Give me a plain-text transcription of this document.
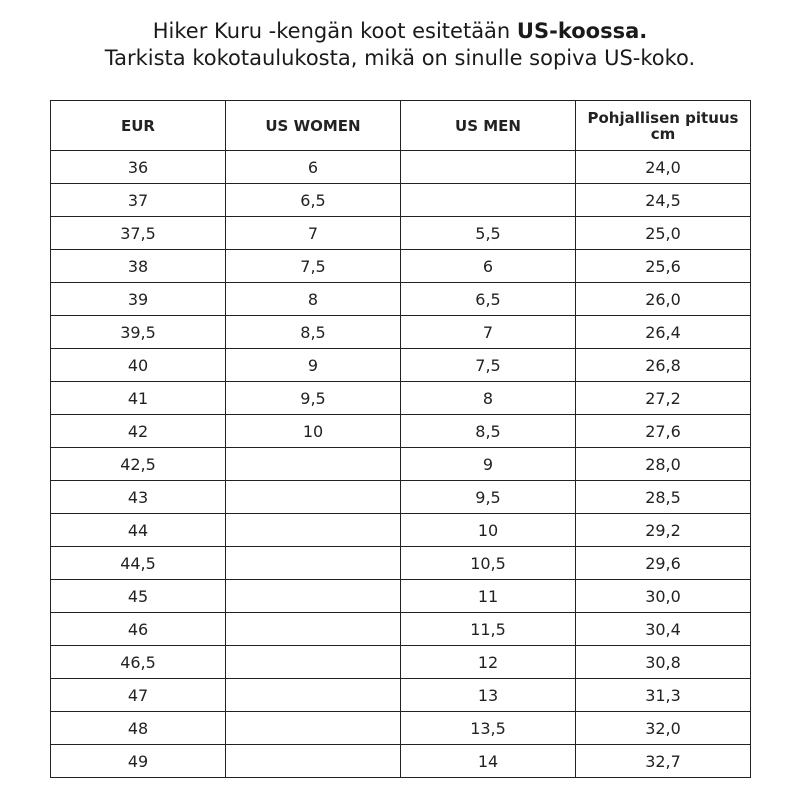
Hiker Kuru -kengän koot esitetään US-koossa.
Tarkista kokotaulukosta, mikä on sinulle sopiva US-koko.
EUR	US WOMEN	US MEN	Pohjallisen pituus cm
36	6		24,0
37	6,5		24,5
37,5	7	5,5	25,0
38	7,5	6	25,6
39	8	6,5	26,0
39,5	8,5	7	26,4
40	9	7,5	26,8
41	9,5	8	27,2
42	10	8,5	27,6
42,5		9	28,0
43		9,5	28,5
44		10	29,2
44,5		10,5	29,6
45		11	30,0
46		11,5	30,4
46,5		12	30,8
47		13	31,3
48		13,5	32,0
49		14	32,7
